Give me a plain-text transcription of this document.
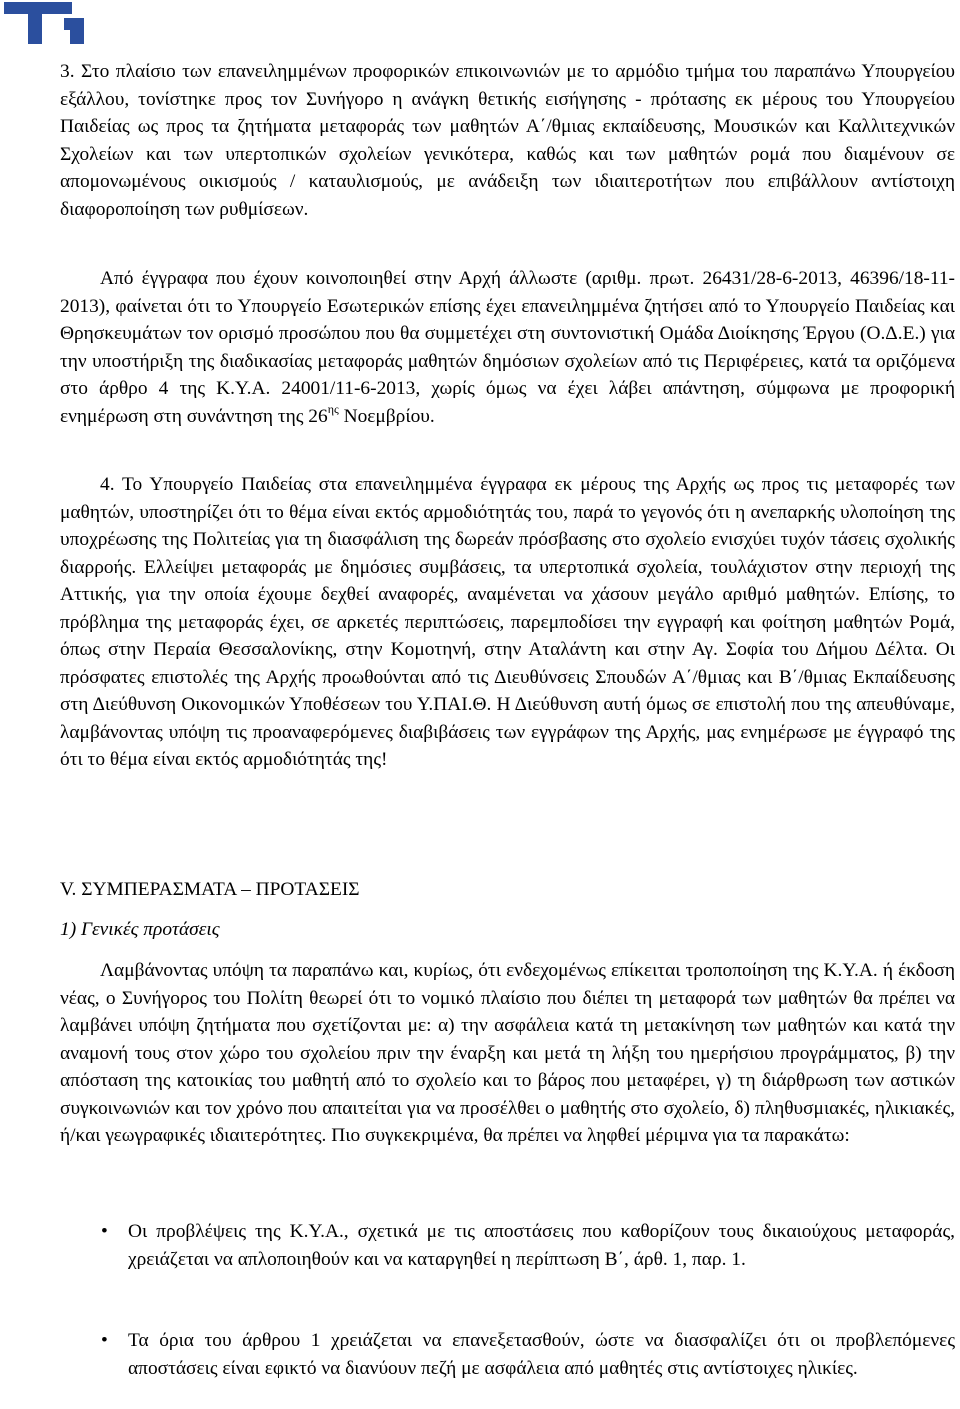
3. Στο πλαίσιο των επανειλημμένων προφορικών επικοινωνιών με το αρμόδιο τμήμα του παραπάνω Υπουργείου εξάλλου, τονίστηκε προς τον Συνήγορο η ανάγκη θετικής εισήγησης - πρότασης εκ μέρους του Υπουργείου Παιδείας ως προς τα ζητήματα μεταφοράς των μαθητών Α΄/θμιας εκπαίδευσης, Μουσικών και Καλλιτεχνικών Σχολείων και των υπερτοπικών σχολείων γενικότερα, καθώς και των μαθητών ρομά που διαμένουν σε απομονωμένους οικισμούς / καταυλισμούς, με ανάδειξη των ιδιαιτεροτήτων που επιβάλλουν αντίστοιχη διαφοροποίηση των ρυθμίσεων.

Από έγγραφα που έχουν κοινοποιηθεί στην Αρχή άλλωστε (αριθμ. πρωτ. 26431/28-6-2013, 46396/18-11-2013), φαίνεται ότι το Υπουργείο Εσωτερικών επίσης έχει επανειλημμένα ζητήσει από το Υπουργείο Παιδείας και Θρησκευμάτων τον ορισμό προσώπου που θα συμμετέχει στη συντονιστική Ομάδα Διοίκησης Έργου (Ο.Δ.Ε.) για την υποστήριξη της διαδικασίας μεταφοράς μαθητών δημόσιων σχολείων από τις Περιφέρειες, κατά τα οριζόμενα στο άρθρο 4 της Κ.Υ.Α. 24001/11-6-2013, χωρίς όμως να έχει λάβει απάντηση, σύμφωνα με προφορική ενημέρωση στη συνάντηση της $26^{\eta\varsigma}$ Νοεμβρίου.

4. Το Υπουργείο Παιδείας στα επανειλημμένα έγγραφα εκ μέρους της Αρχής ως προς τις μεταφορές των μαθητών, υποστηρίζει ότι το θέμα είναι εκτός αρμοδιότητάς του, παρά το γεγονός ότι η ανεπαρκής υλοποίηση της υποχρέωσης της Πολιτείας για τη διασφάλιση της δωρεάν πρόσβασης στο σχολείο ενισχύει τυχόν τάσεις σχολικής διαρροής. Ελλείψει μεταφοράς με δημόσιες συμβάσεις, τα υπερτοπικά σχολεία, τουλάχιστον στην περιοχή της Αττικής, για την οποία έχουμε δεχθεί αναφορές, αναμένεται να χάσουν μεγάλο αριθμό μαθητών. Επίσης, το πρόβλημα της μεταφοράς έχει, σε αρκετές περιπτώσεις, παρεμποδίσει την εγγραφή και φοίτηση μαθητών Ρομά, όπως στην Περαία Θεσσαλονίκης, στην Κομοτηνή, στην Αταλάντη και στην Αγ. Σοφία του Δήμου Δέλτα. Οι πρόσφατες επιστολές της Αρχής προωθούνται από τις Διευθύνσεις Σπουδών Α΄/θμιας και Β΄/θμιας Εκπαίδευσης στη Διεύθυνση Οικονομικών Υποθέσεων του Υ.ΠΑΙ.Θ. Η Διεύθυνση αυτή όμως σε επιστολή που της απευθύναμε, λαμβάνοντας υπόψη τις προαναφερόμενες διαβιβάσεις των εγγράφων της Αρχής, μας ενημέρωσε με έγγραφό της ότι το θέμα είναι εκτός αρμοδιότητάς της!

V. ΣΥΜΠΕΡΑΣΜΑΤΑ – ΠΡΟΤΑΣΕΙΣ

1) Γενικές προτάσεις

Λαμβάνοντας υπόψη τα παραπάνω και, κυρίως, ότι ενδεχομένως επίκειται τροποποίηση της Κ.Υ.Α. ή έκδοση νέας, ο Συνήγορος του Πολίτη θεωρεί ότι το νομικό πλαίσιο που διέπει τη μεταφορά των μαθητών θα πρέπει να λαμβάνει υπόψη ζητήματα που σχετίζονται με: α) την ασφάλεια κατά τη μετακίνηση των μαθητών και κατά την αναμονή τους στον χώρο του σχολείου πριν την έναρξη και μετά τη λήξη του ημερήσιου προγράμματος, β) την απόσταση της κατοικίας του μαθητή από το σχολείο και το βάρος που μεταφέρει, γ) τη διάρθρωση των αστικών συγκοινωνιών και τον χρόνο που απαιτείται για να προσέλθει ο μαθητής στο σχολείο, δ) πληθυσμιακές, ηλικιακές, ή/και γεωγραφικές ιδιαιτερότητες. Πιο συγκεκριμένα, θα πρέπει να ληφθεί μέριμνα για τα παρακάτω:

• Οι προβλέψεις της Κ.Υ.Α., σχετικά με τις αποστάσεις που καθορίζουν τους δικαιούχους μεταφοράς, χρειάζεται να απλοποιηθούν και να καταργηθεί η περίπτωση Β΄, άρθ. 1, παρ. 1.

• Τα όρια του άρθρου 1 χρειάζεται να επανεξετασθούν, ώστε να διασφαλίζει ότι οι προβλεπόμενες αποστάσεις είναι εφικτό να διανύουν πεζή με ασφάλεια από μαθητές στις αντίστοιχες ηλικίες.
